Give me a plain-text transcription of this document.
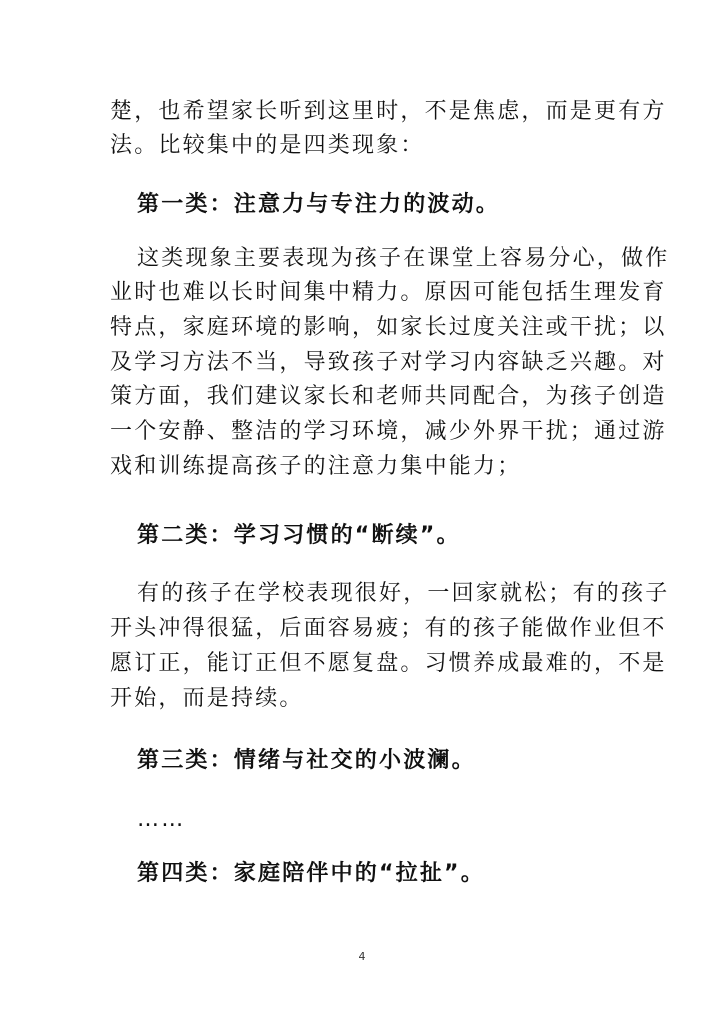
楚，也希望家长听到这里时，不是焦虑，而是更有方
法。比较集中的是四类现象：
第一类：注意力与专注力的波动。
这类现象主要表现为孩子在课堂上容易分心，做作
业时也难以长时间集中精力。原因可能包括生理发育
特点，家庭环境的影响，如家长过度关注或干扰；以
及学习方法不当，导致孩子对学习内容缺乏兴趣。对
策方面，我们建议家长和老师共同配合，为孩子创造
一个安静、整洁的学习环境，减少外界干扰；通过游
戏和训练提高孩子的注意力集中能力；
第二类：学习习惯的“断续”。
有的孩子在学校表现很好，一回家就松；有的孩子
开头冲得很猛，后面容易疲；有的孩子能做作业但不
愿订正，能订正但不愿复盘。习惯养成最难的，不是
开始，而是持续。
第三类：情绪与社交的小波澜。
……
第四类：家庭陪伴中的“拉扯”。
4
